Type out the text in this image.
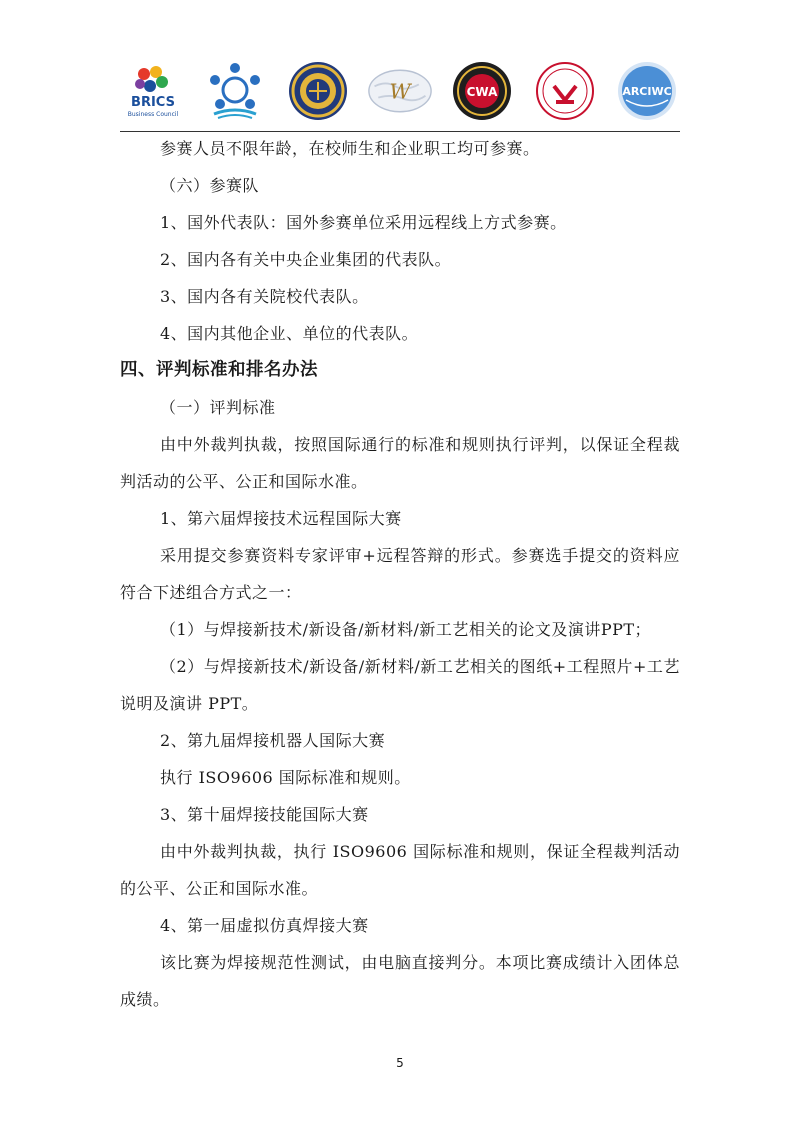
BRICS
Business Council
W	CWA	ARCIWC

参赛人员不限年龄，在校师生和企业职工均可参赛。

（六）参赛队

1、国外代表队：国外参赛单位采用远程线上方式参赛。

2、国内各有关中央企业集团的代表队。

3、国内各有关院校代表队。

4、国内其他企业、单位的代表队。

四、评判标准和排名办法

（一）评判标准

由中外裁判执裁，按照国际通行的标准和规则执行评判，以保证全程裁判活动的公平、公正和国际水准。

1、第六届焊接技术远程国际大赛

采用提交参赛资料专家评审+远程答辩的形式。参赛选手提交的资料应符合下述组合方式之一：

（1）与焊接新技术/新设备/新材料/新工艺相关的论文及演讲PPT；

（2）与焊接新技术/新设备/新材料/新工艺相关的图纸+工程照片+工艺说明及演讲 PPT。

2、第九届焊接机器人国际大赛

执行 ISO9606 国际标准和规则。

3、第十届焊接技能国际大赛

由中外裁判执裁，执行 ISO9606 国际标准和规则，保证全程裁判活动的公平、公正和国际水准。

4、第一届虚拟仿真焊接大赛

该比赛为焊接规范性测试，由电脑直接判分。本项比赛成绩计入团体总成绩。

5
